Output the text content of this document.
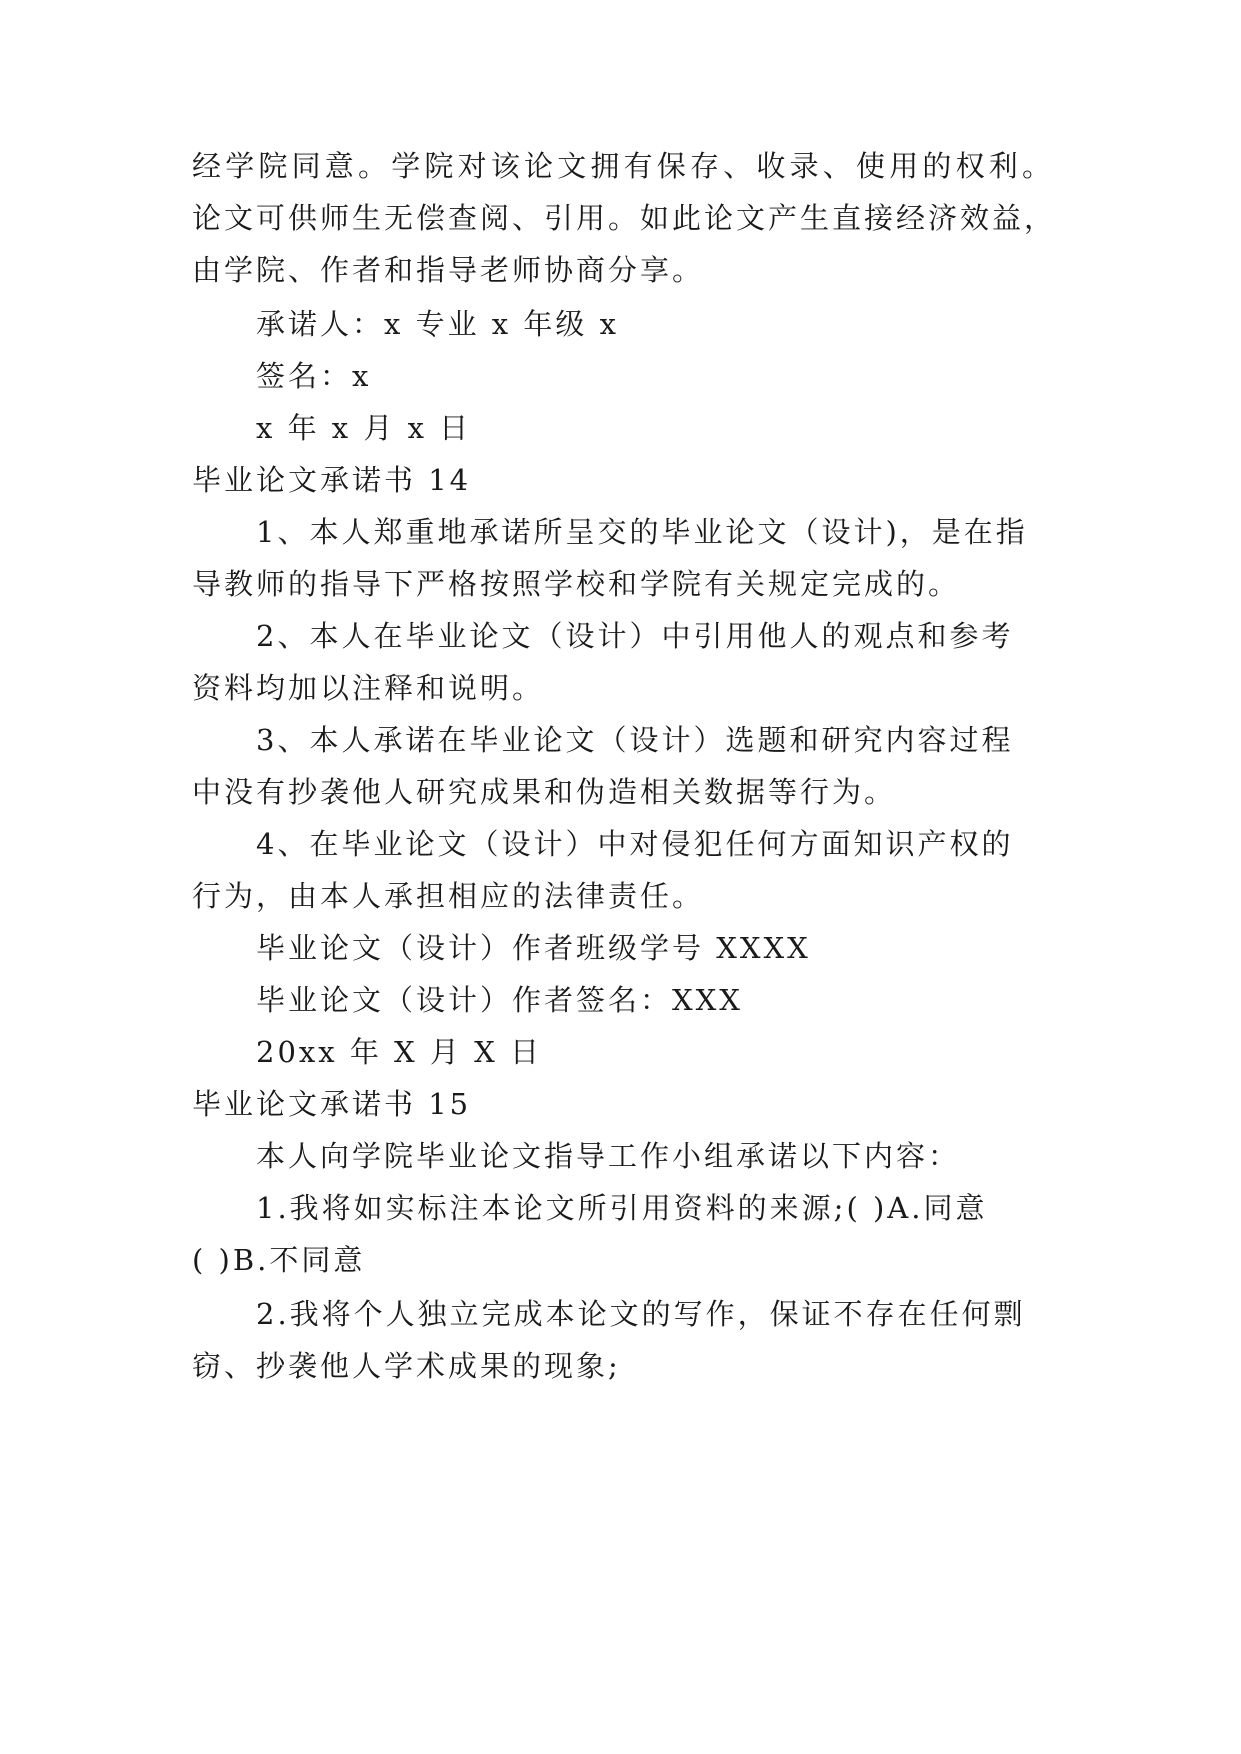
经学院同意。学院对该论文拥有保存、收录、使用的权利。
论文可供师生无偿查阅、引用。如此论文产生直接经济效益，
由学院、作者和指导老师协商分享。
承诺人：x 专业 x 年级 x
签名：x
x 年 x 月 x 日
毕业论文承诺书 14
1、本人郑重地承诺所呈交的毕业论文（设计)，是在指
导教师的指导下严格按照学校和学院有关规定完成的。
2、本人在毕业论文（设计）中引用他人的观点和参考
资料均加以注释和说明。
3、本人承诺在毕业论文（设计）选题和研究内容过程
中没有抄袭他人研究成果和伪造相关数据等行为。
4、在毕业论文（设计）中对侵犯任何方面知识产权的
行为，由本人承担相应的法律责任。
毕业论文（设计）作者班级学号 XXXX
毕业论文（设计）作者签名：XXX
20xx 年 X 月 X 日
毕业论文承诺书 15
本人向学院毕业论文指导工作小组承诺以下内容：
1.我将如实标注本论文所引用资料的来源;( )A.同意
( )B.不同意
2.我将个人独立完成本论文的写作，保证不存在任何剽
窃、抄袭他人学术成果的现象;
